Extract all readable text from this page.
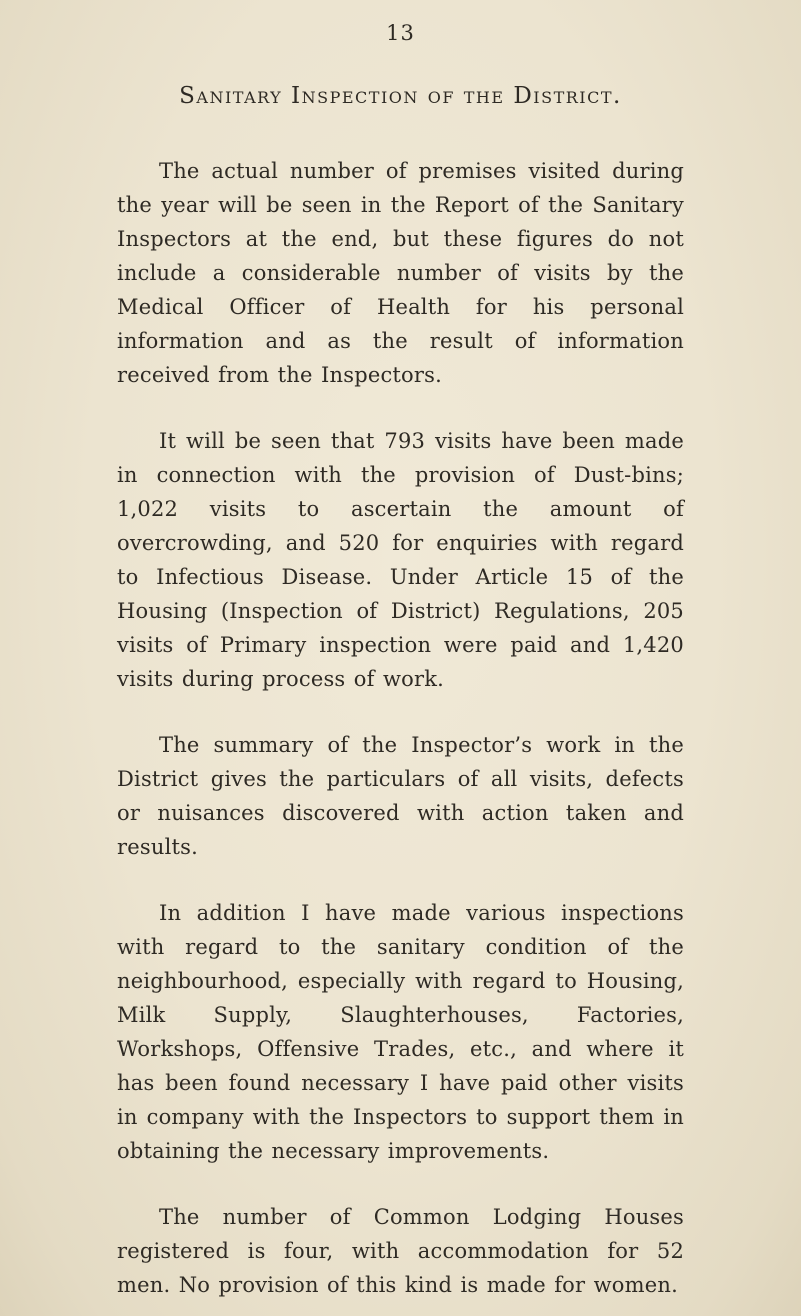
13
Sanitary Inspection of the District.

The actual number of premises visited during the year will be seen in the Report of the Sanitary Inspectors at the end, but these figures do not include a considerable number of visits by the Medical Officer of Health for his personal information and as the result of information received from the Inspectors.

It will be seen that 793 visits have been made in connection with the provision of Dust-bins; 1,022 visits to ascertain the amount of overcrowding, and 520 for enquiries with regard to Infectious Disease. Under Article 15 of the Housing (Inspection of District) Regulations, 205 visits of Primary inspection were paid and 1,420 visits during process of work.

The summary of the Inspector’s work in the District gives the particulars of all visits, defects or nuisances discovered with action taken and results.

In addition I have made various inspections with regard to the sanitary condition of the neighbourhood, especially with regard to Housing, Milk Supply, Slaughterhouses, Factories, Workshops, Offensive Trades, etc., and where it has been found necessary I have paid other visits in company with the Inspectors to support them in obtaining the necessary improvements.

The number of Common Lodging Houses registered is four, with accommodation for 52 men. No provision of this kind is made for women.
